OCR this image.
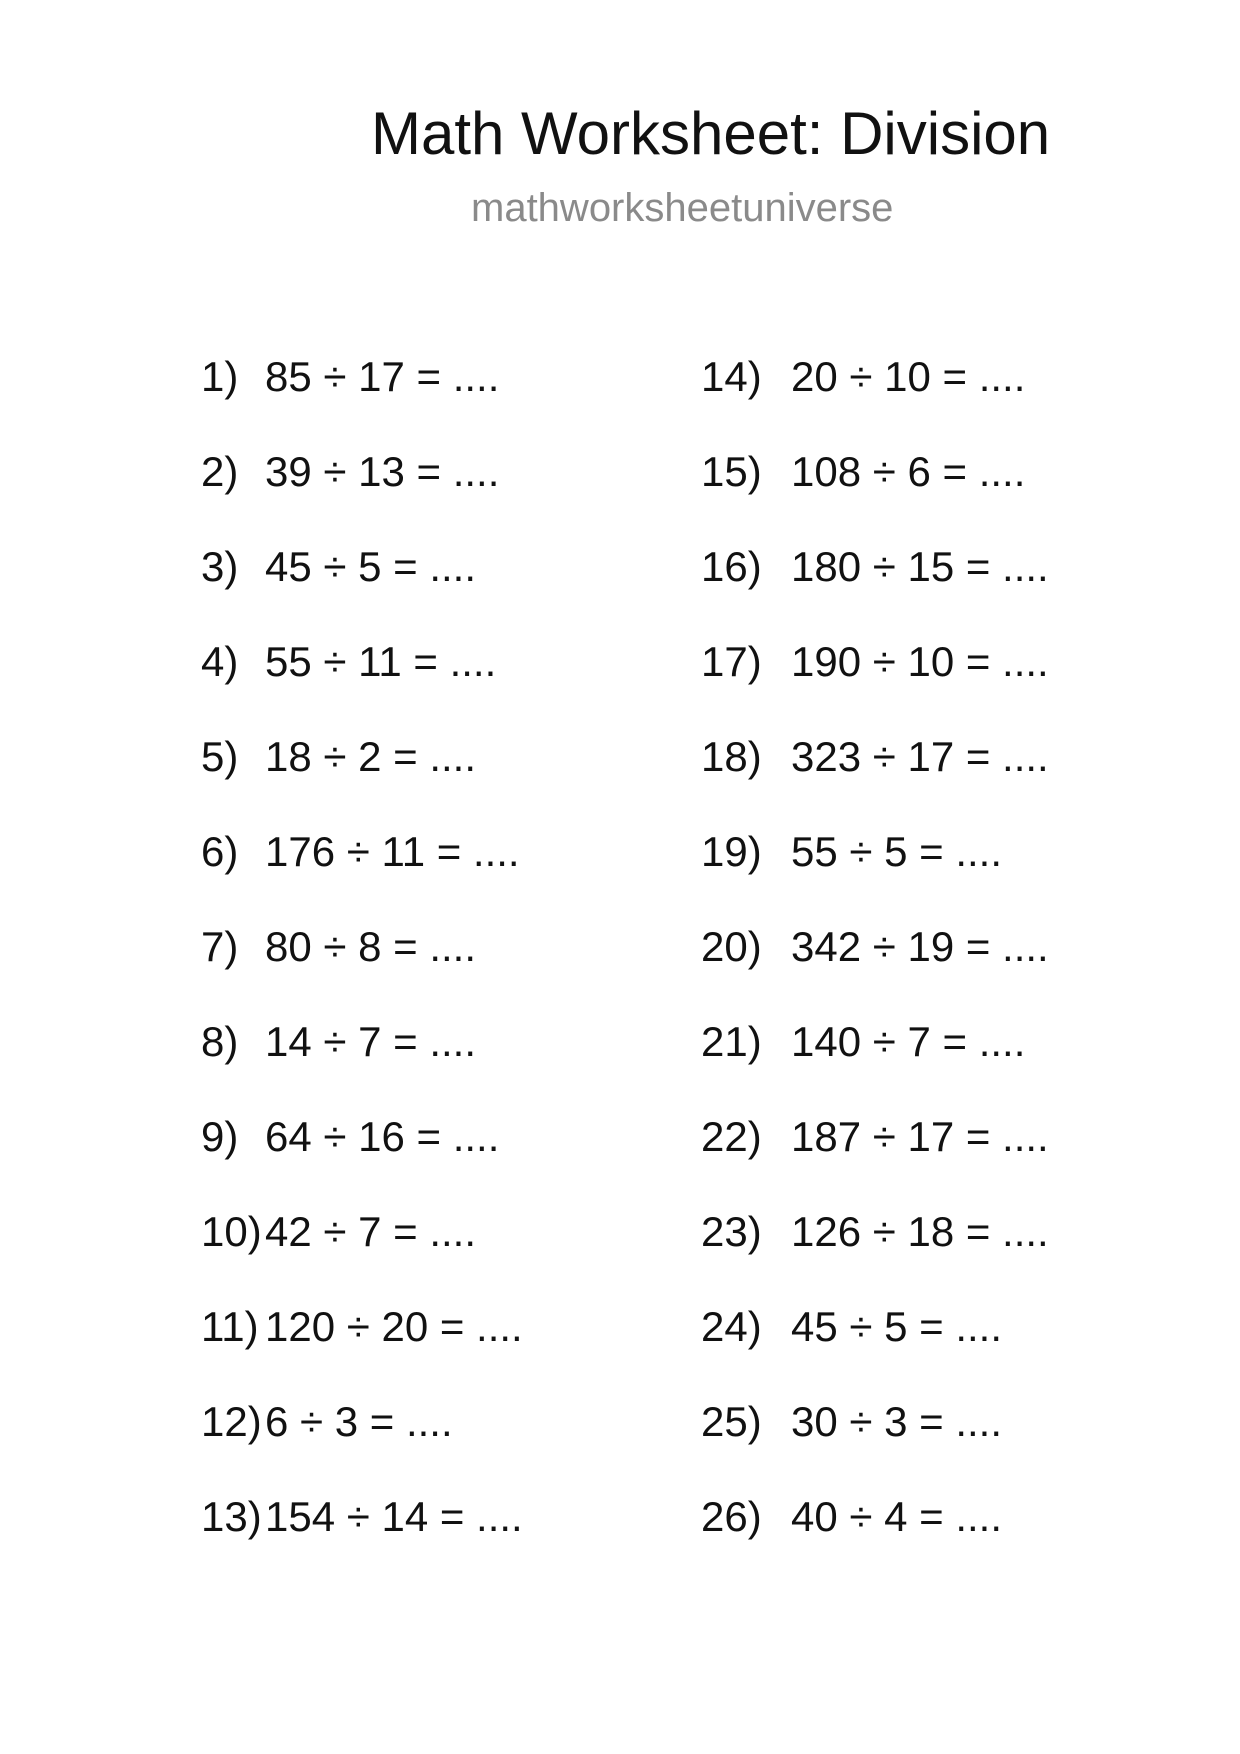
Math Worksheet: Division
mathworksheetuniverse
1) 85 ÷ 17 = ....
2) 39 ÷ 13 = ....
3) 45 ÷ 5 = ....
4) 55 ÷ 11 = ....
5) 18 ÷ 2 = ....
6) 176 ÷ 11 = ....
7) 80 ÷ 8 = ....
8) 14 ÷ 7 = ....
9) 64 ÷ 16 = ....
10)42 ÷ 7 = ....
11) 120 ÷ 20 = ....
12)6 ÷ 3 = ....
13)154 ÷ 14 = ....
14) 20 ÷ 10 = ....
15) 108 ÷ 6 = ....
16) 180 ÷ 15 = ....
17) 190 ÷ 10 = ....
18) 323 ÷ 17 = ....
19) 55 ÷ 5 = ....
20) 342 ÷ 19 = ....
21) 140 ÷ 7 = ....
22) 187 ÷ 17 = ....
23) 126 ÷ 18 = ....
24) 45 ÷ 5 = ....
25) 30 ÷ 3 = ....
26) 40 ÷ 4 = ....
